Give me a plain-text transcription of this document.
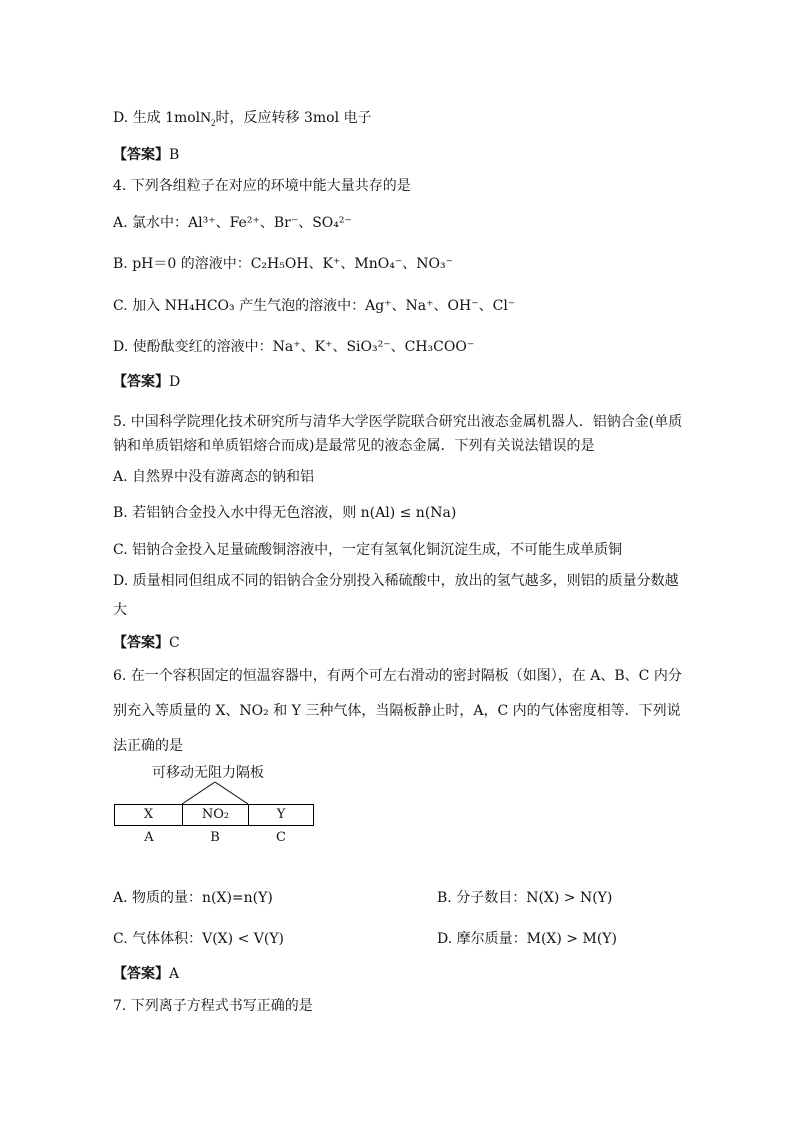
D. 生成 1molN$_2$时，反应转移 3mol 电子
【答案】B
4. 下列各组粒子在对应的环境中能大量共存的是
A. 氯水中：Al³⁺、Fe²⁺、Br⁻、SO₄²⁻
B. pH＝0 的溶液中：C₂H₅OH、K⁺、MnO₄⁻、NO₃⁻
C. 加入 NH₄HCO₃ 产生气泡的溶液中：Ag⁺、Na⁺、OH⁻、Cl⁻
D. 使酚酞变红的溶液中：Na⁺、K⁺、SiO₃²⁻、CH₃COO⁻
【答案】D
5. 中国科学院理化技术研究所与清华大学医学院联合研究出液态金属机器人．铝钠合金(单质
钠和单质铝熔和单质铝熔合而成)是最常见的液态金属．下列有关说法错误的是
A. 自然界中没有游离态的钠和铝
B. 若铝钠合金投入水中得无色溶液，则 n(Al) ≤ n(Na)
C. 铝钠合金投入足量硫酸铜溶液中，一定有氢氧化铜沉淀生成，不可能生成单质铜
D. 质量相同但组成不同的铝钠合金分别投入稀硫酸中，放出的氢气越多，则铝的质量分数越
大
【答案】C
6. 在一个容积固定的恒温容器中，有两个可左右滑动的密封隔板（如图），在 A、B、C 内分
别充入等质量的 X、NO₂ 和 Y 三种气体，当隔板静止时，A，C 内的气体密度相等．下列说
法正确的是
可移动无阻力隔板
X	NO₂	Y
A	B	C
A. 物质的量：n(X)=n(Y)	B. 分子数目：N(X) > N(Y)
C. 气体体积：V(X) < V(Y)	D. 摩尔质量：M(X) > M(Y)
【答案】A
7. 下列离子方程式书写正确的是
